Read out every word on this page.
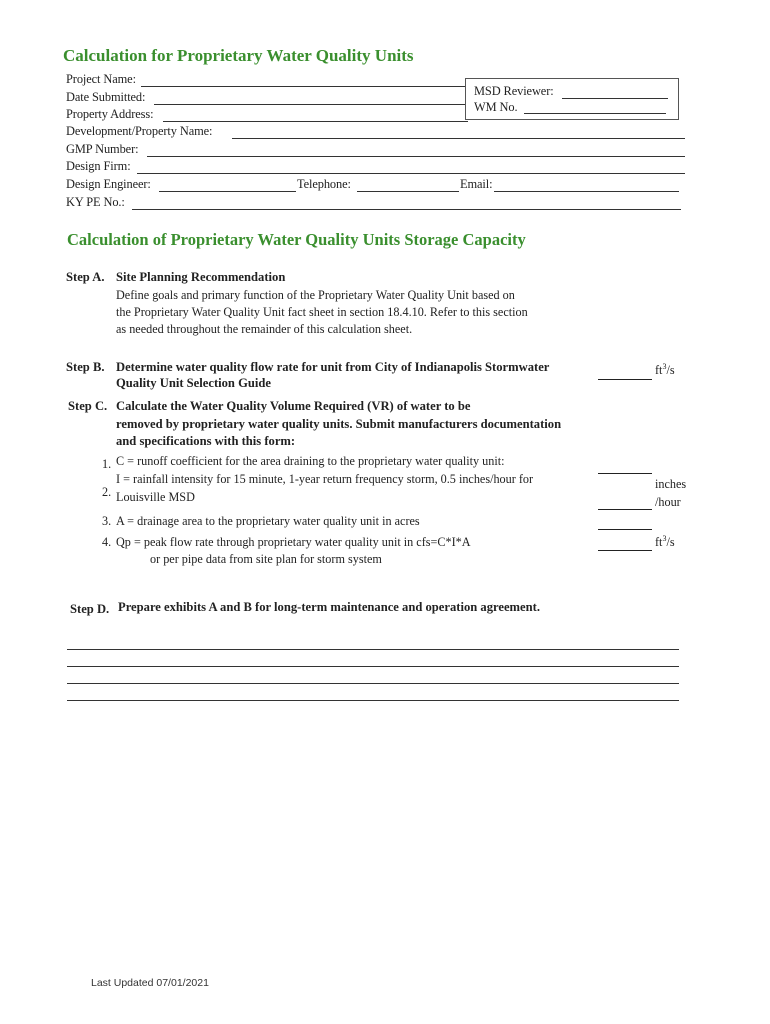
Calculation for Proprietary Water Quality Units
Project Name:
Date Submitted:
Property Address:
MSD Reviewer:
WM No.
Development/Property Name:
GMP Number:
Design Firm:
Design Engineer:	Telephone:	Email:
KY PE No.:
Calculation of Proprietary Water Quality Units Storage Capacity
Step A. Site Planning Recommendation
Define goals and primary function of the Proprietary Water Quality Unit based on
the Proprietary Water Quality Unit fact sheet in section 18.4.10. Refer to this section
as needed throughout the remainder of this calculation sheet.
Step B. Determine water quality flow rate for unit from City of Indianapolis Stormwater
Quality Unit Selection Guide
$ft^3/s$
Step C. Calculate the Water Quality Volume Required (VR) of water to be
removed by proprietary water quality units. Submit manufacturers documentation
and specifications with this form:
1. C = runoff coefficient for the area draining to the proprietary water quality unit:
I = rainfall intensity for 15 minute, 1-year return frequency storm, 0.5 inches/hour for
2. Louisville MSD
inches
/hour
3. A = drainage area to the proprietary water quality unit in acres
4. Qp = peak flow rate through proprietary water quality unit in cfs=C*I*A
or per pipe data from site plan for storm system
$ft^3/s$
Step D. Prepare exhibits A and B for long-term maintenance and operation agreement.
Last Updated 07/01/2021
